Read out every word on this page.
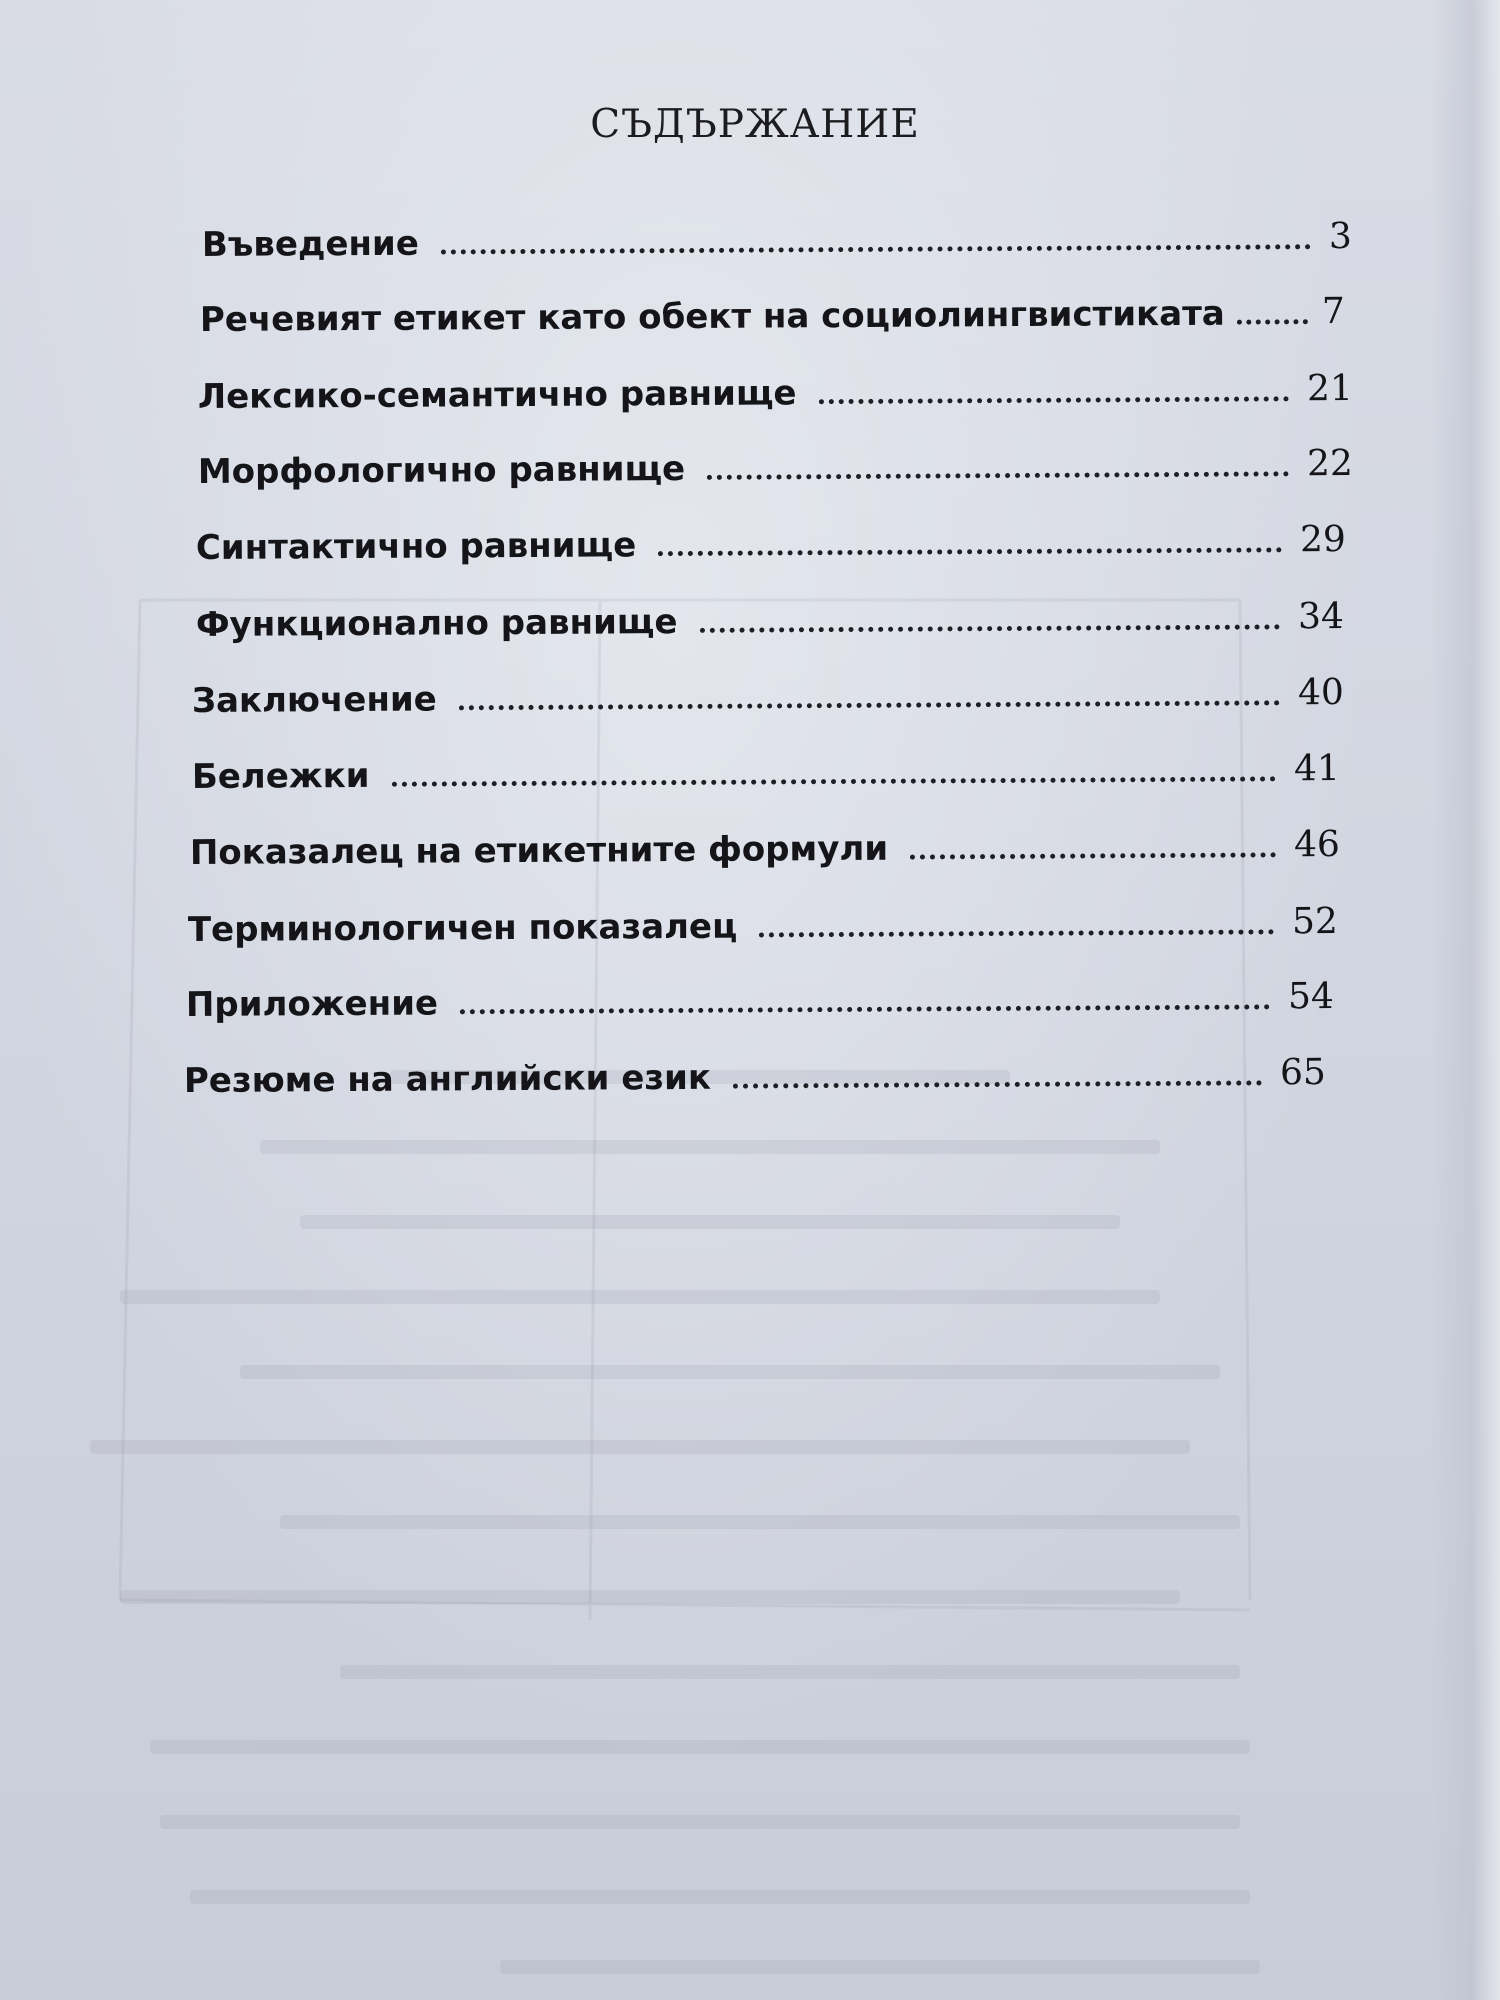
СЪДЪРЖАНИЕ
Въведение	3
Речевият етикет като обект на социолингвистиката	7
Лексико-семантично равнище	21
Морфологично равнище	22
Синтактично равнище	29
Функционално равнище	34
Заключение	40
Бележки	41
Показалец на етикетните формули	46
Терминологичен показалец	52
Приложение	54
Резюме на английски език	65
